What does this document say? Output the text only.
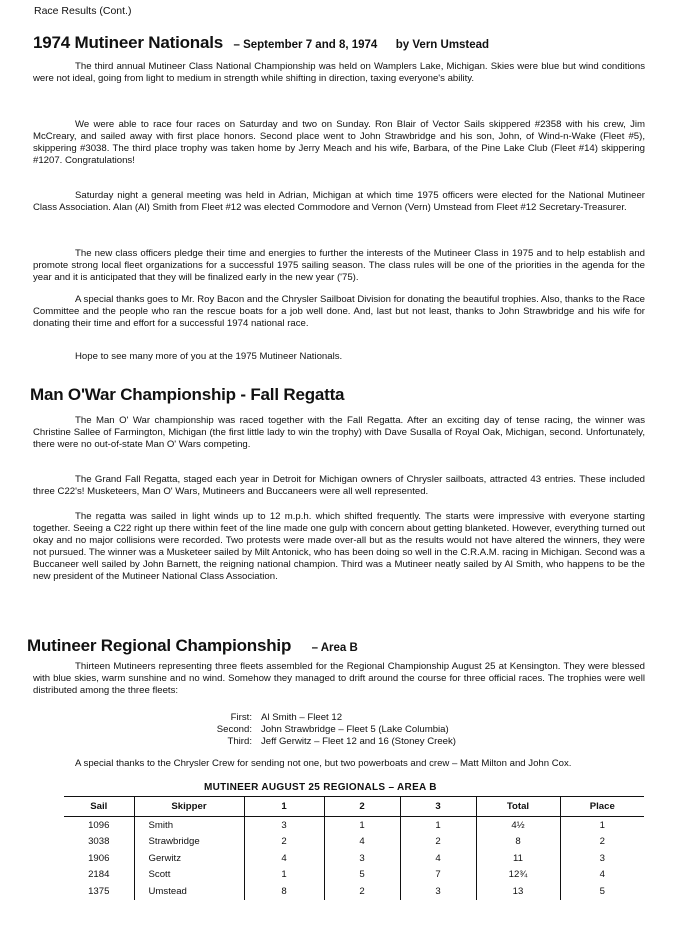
Race Results (Cont.)
1974 Mutineer Nationals – September 7 and 8, 1974 by Vern Umstead

The third annual Mutineer Class National Championship was held on Wamplers Lake, Michigan. Skies were blue but wind conditions were not ideal, going from light to medium in strength while shifting in direction, taxing everyone's ability.

We were able to race four races on Saturday and two on Sunday. Ron Blair of Vector Sails skippered #2358 with his crew, Jim McCreary, and sailed away with first place honors. Second place went to John Strawbridge and his son, John, of Wind-n-Wake (Fleet #5), skippering #3038. The third place trophy was taken home by Jerry Meach and his wife, Barbara, of the Pine Lake Club (Fleet #14) skippering #1207. Congratulations!

Saturday night a general meeting was held in Adrian, Michigan at which time 1975 officers were elected for the National Mutineer Class Association. Alan (Al) Smith from Fleet #12 was elected Commodore and Vernon (Vern) Umstead from Fleet #12 Secretary-Treasurer.

The new class officers pledge their time and energies to further the interests of the Mutineer Class in 1975 and to help establish and promote strong local fleet organizations for a successful 1975 sailing season. The class rules will be one of the priorities in the agenda for the year and it is anticipated that they will be finalized early in the new year ('75).

A special thanks goes to Mr. Roy Bacon and the Chrysler Sailboat Division for donating the beautiful trophies. Also, thanks to the Race Committee and the people who ran the rescue boats for a job well done. And, last but not least, thanks to John Strawbridge and his wife for donating their time and effort for a successful 1974 national race.

Hope to see many more of you at the 1975 Mutineer Nationals.

Man O'War Championship - Fall Regatta

The Man O' War championship was raced together with the Fall Regatta. After an exciting day of tense racing, the winner was Christine Sallee of Farmington, Michigan (the first little lady to win the trophy) with Dave Susalla of Royal Oak, Michigan, second. Unfortunately, there were no out-of-state Man O' Wars competing.

The Grand Fall Regatta, staged each year in Detroit for Michigan owners of Chrysler sailboats, attracted 43 entries. These included three C22's! Musketeers, Man O' Wars, Mutineers and Buccaneers were all well represented.

The regatta was sailed in light winds up to 12 m.p.h. which shifted frequently. The starts were impressive with everyone starting together. Seeing a C22 right up there within feet of the line made one gulp with concern about getting blanketed. However, everything turned out okay and no major collisions were recorded. Two protests were made over-all but as the results would not have altered the winners, they were not pursued. The winner was a Musketeer sailed by Milt Antonick, who has been doing so well in the C.R.A.M. racing in Michigan. Second was a Buccaneer well sailed by John Barnett, the reigning national champion. Third was a Mutineer neatly sailed by Al Smith, who happens to be the new president of the Mutineer National Class Association.

Mutineer Regional Championship – Area B

Thirteen Mutineers representing three fleets assembled for the Regional Championship August 25 at Kensington. They were blessed with blue skies, warm sunshine and no wind. Somehow they managed to drift around the course for three official races. The trophies were well distributed among the three fleets:

First: Al Smith – Fleet 12
Second: John Strawbridge – Fleet 5 (Lake Columbia)
Third: Jeff Gerwitz – Fleet 12 and 16 (Stoney Creek)

A special thanks to the Chrysler Crew for sending not one, but two powerboats and crew – Matt Milton and John Cox.

MUTINEER AUGUST 25 REGIONALS – AREA B
Sail	Skipper	1	2	3	Total	Place
1096	Smith	3	1	1	4½	1
3038	Strawbridge	2	4	2	8	2
1906	Gerwitz	4	3	4	11	3
2184	Scott	1	5	7	12¾	4
1375	Umstead	8	2	3	13	5
